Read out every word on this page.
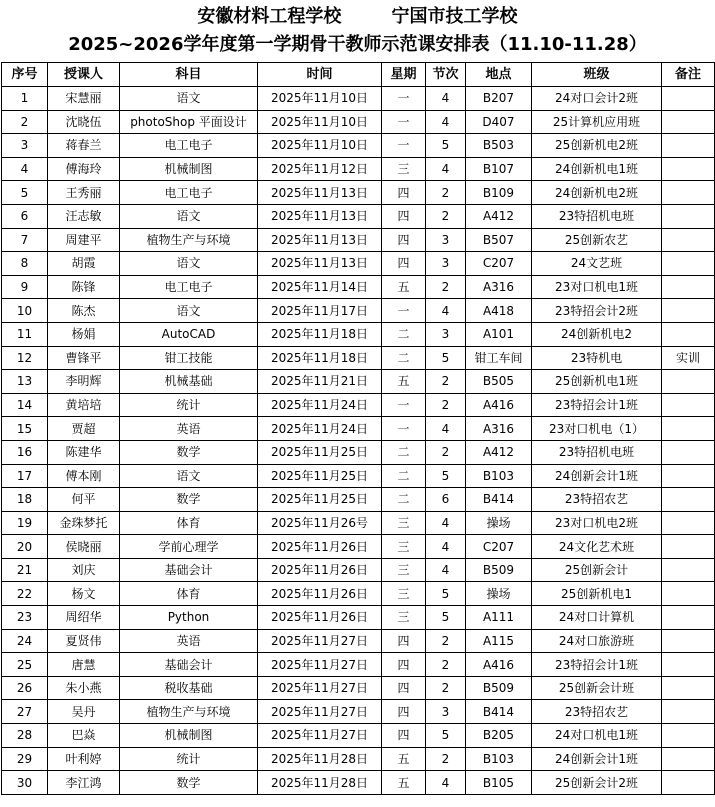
安徽材料工程学校        宁国市技工学校
2025~2026学年度第一学期骨干教师示范课安排表（11.10-11.28）
序号	授课人	科目	时间	星期	节次	地点	班级	备注
1	宋慧丽	语文	2025年11月10日	一	4	B207	24对口会计2班	
2	沈晓伍	photoShop 平面设计	2025年11月10日	一	4	D407	25计算机应用班	
3	蒋春兰	电工电子	2025年11月10日	一	5	B503	25创新机电2班	
4	傅海玲	机械制图	2025年11月12日	三	4	B107	24创新机电1班	
5	王秀丽	电工电子	2025年11月13日	四	2	B109	24创新机电2班	
6	汪志敏	语文	2025年11月13日	四	2	A412	23特招机电班	
7	周建平	植物生产与环境	2025年11月13日	四	3	B507	25创新农艺	
8	胡霞	语文	2025年11月13日	四	3	C207	24文艺班	
9	陈锋	电工电子	2025年11月14日	五	2	A316	23对口机电1班	
10	陈杰	语文	2025年11月17日	一	4	A418	23特招会计2班	
11	杨娟	AutoCAD	2025年11月18日	二	3	A101	24创新机电2	
12	曹锋平	钳工技能	2025年11月18日	二	5	钳工车间	23特机电	实训
13	李明辉	机械基础	2025年11月21日	五	2	B505	25创新机电1班	
14	黄培培	统计	2025年11月24日	一	2	A416	23特招会计1班	
15	贾超	英语	2025年11月24日	一	4	A316	23对口机电（1）	
16	陈建华	数学	2025年11月25日	二	2	A412	23特招机电班	
17	傅本刚	语文	2025年11月25日	二	5	B103	24创新会计1班	
18	何平	数学	2025年11月25日	二	6	B414	23特招农艺	
19	金珠梦托	体育	2025年11月26号	三	4	操场	23对口机电2班	
20	侯晓丽	学前心理学	2025年11月26日	三	4	C207	24文化艺术班	
21	刘庆	基础会计	2025年11月26日	三	4	B509	25创新会计	
22	杨文	体育	2025年11月26日	三	5	操场	25创新机电1	
23	周绍华	Python	2025年11月26日	三	5	A111	24对口计算机	
24	夏贤伟	英语	2025年11月27日	四	2	A115	24对口旅游班	
25	唐慧	基础会计	2025年11月27日	四	2	A416	23特招会计1班	
26	朱小燕	税收基础	2025年11月27日	四	2	B509	25创新会计班	
27	吴丹	植物生产与环境	2025年11月27日	四	3	B414	23特招农艺	
28	巴焱	机械制图	2025年11月27日	四	5	B205	24对口机电1班	
29	叶利婷	统计	2025年11月28日	五	2	B103	24创新会计1班	
30	李江鸿	数学	2025年11月28日	五	4	B105	25创新会计2班	
